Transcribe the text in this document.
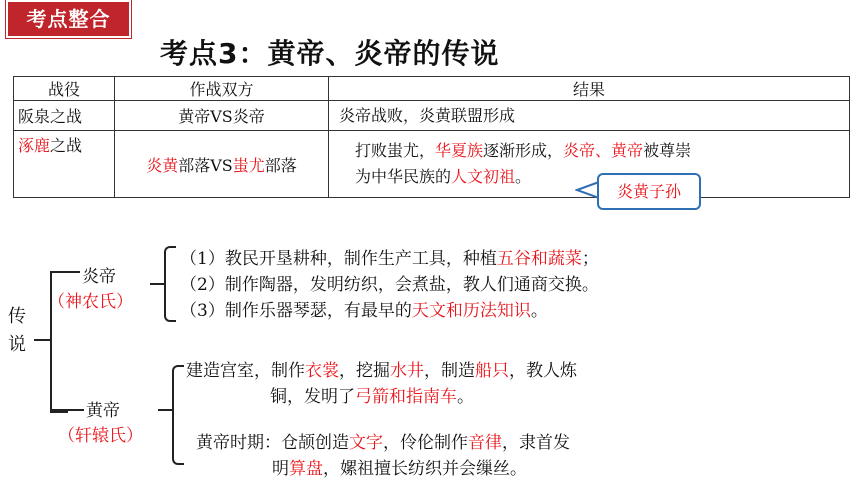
考点整合
考点3：黄帝、炎帝的传说
战役	作战双方	结果
阪泉之战	黄帝VS炎帝	炎帝战败，炎黄联盟形成
涿鹿之战	炎黄部落VS蚩尤部落	打败蚩尤，华夏族逐渐形成，炎帝、黄帝被尊崇
为中华民族的人文初祖。
炎黄子孙
传
说
炎帝
（神农氏）
（1）教民开垦耕种，制作生产工具，种植五谷和蔬菜；
（2）制作陶器，发明纺织，会煮盐，教人们通商交换。
（3）制作乐器琴瑟，有最早的天文和历法知识。
黄帝
（轩辕氏）
建造宫室，制作衣裳，挖掘水井，制造船只，教人炼
铜，发明了弓箭和指南车。
黄帝时期：仓颉创造文字，伶伦制作音律，隶首发
明算盘，嫘祖擅长纺织并会缫丝。
